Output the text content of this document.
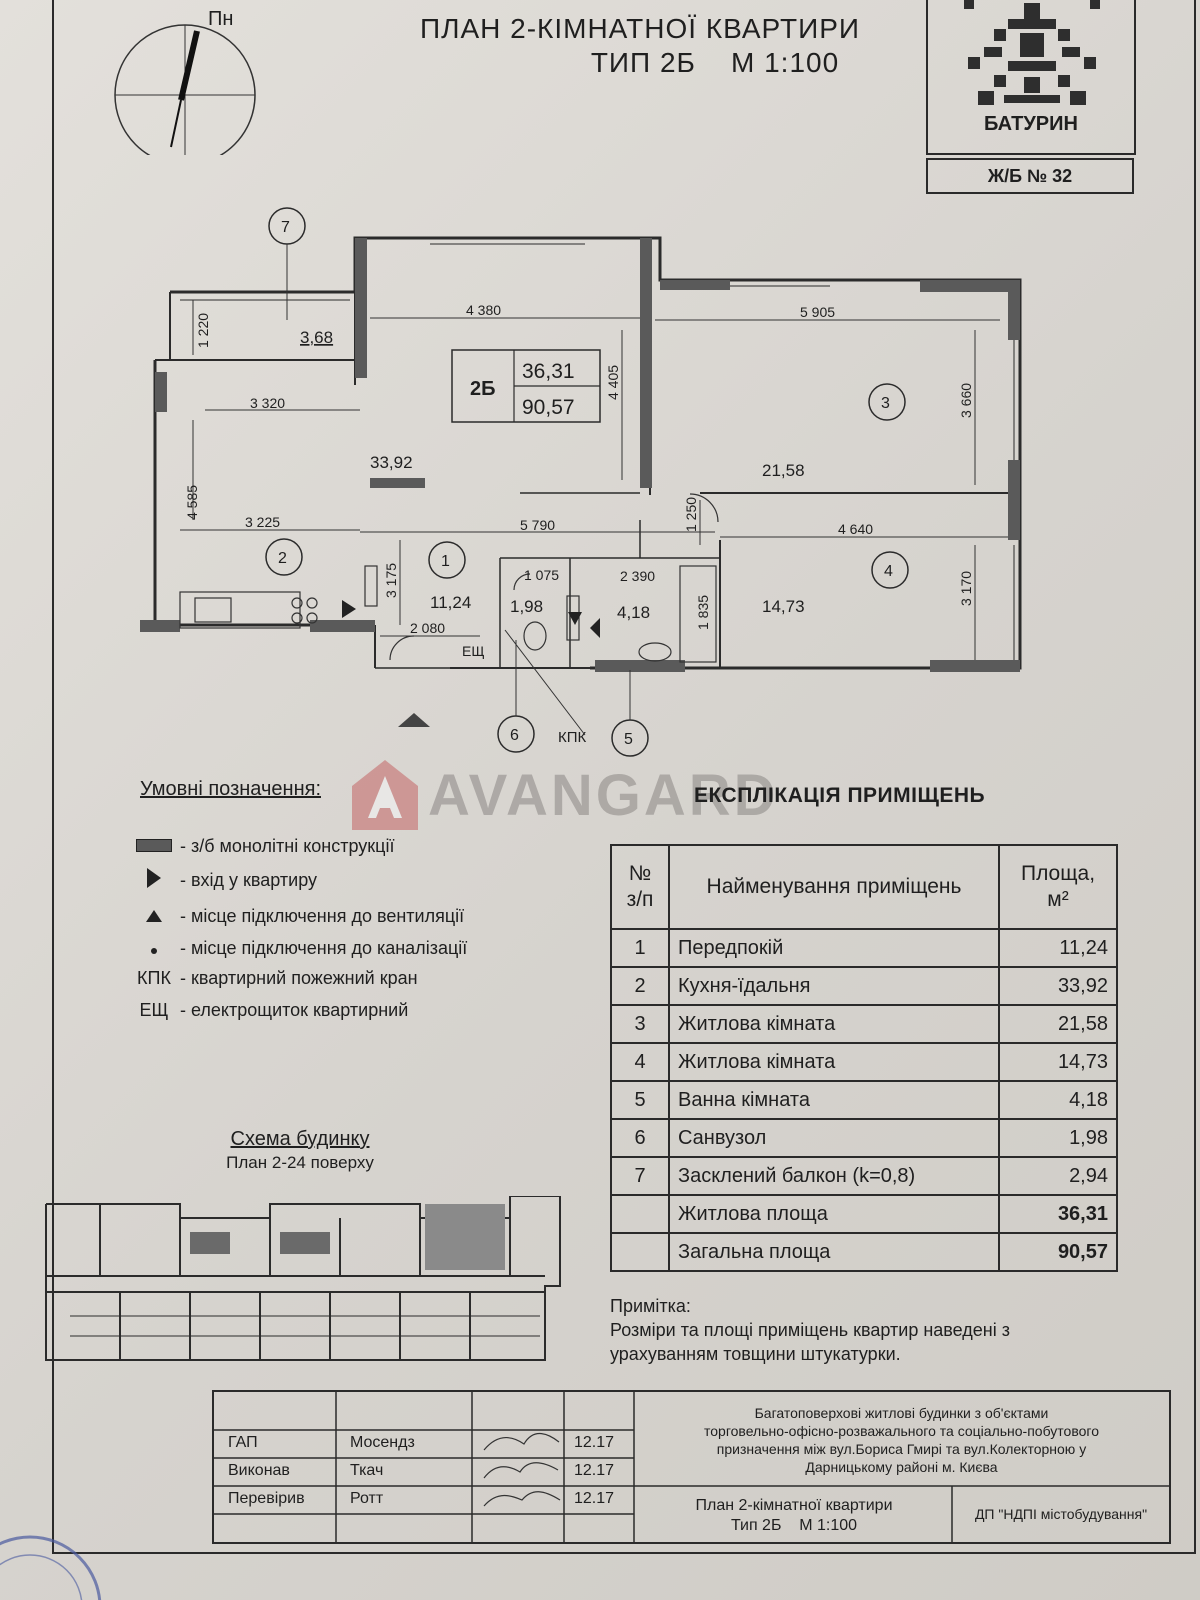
Пн	ПЛАН 2-КІМНАТНОЇ КВАРТИРИ
ТИП 2Б    М 1:100
БАТУРИН
Ж/Б № 32
2Б
36,31
90,57
7
2	1
3
4
6	5
3,68
33,92
11,24
21,58
14,73
4,18
1,98
4 380	5 905
1 220
3 320
4 405
3 660
4 585
3 225	5 790	1 250	4 640
3 175
2 080
1 075	2 390
1 835
3 170
ЕЩ
КПК
AVANGARD
Умовні позначення:
- з/б монолітні конструкції
- вхід у квартиру
- місце підключення до вентиляції
- місце підключення до каналізації
КПК - квартирний пожежний кран
ЕЩ - електрощиток квартирний
ЕКСПЛІКАЦІЯ ПРИМІЩЕНЬ
№ з/п	Найменування приміщень	Площа, м²
1	Передпокій	11,24
2	Кухня-їдальня	33,92
3	Житлова кімната	21,58
4	Житлова кімната	14,73
5	Ванна кімната	4,18
6	Санвузол	1,98
7	Засклений балкон (k=0,8)	2,94
	Житлова площа	36,31
	Загальна площа	90,57
Примітка:
Розміри та площі приміщень квартир наведені з
урахуванням товщини штукатурки.
Схема будинку
План 2-24 поверху
ГАП	Мосендз	12.17
Виконав	Ткач	12.17
Перевірив	Ротт	12.17
Багатоповерхові житлові будинки з об'єктами
торговельно-офісно-розважального та соціально-побутового
призначення між вул.Бориса Гмирі та вул.Колекторною у
Дарницькому районі м. Києва
План 2-кімнатної квартири
Тип 2Б    М 1:100
ДП "НДПІ містобудування"
